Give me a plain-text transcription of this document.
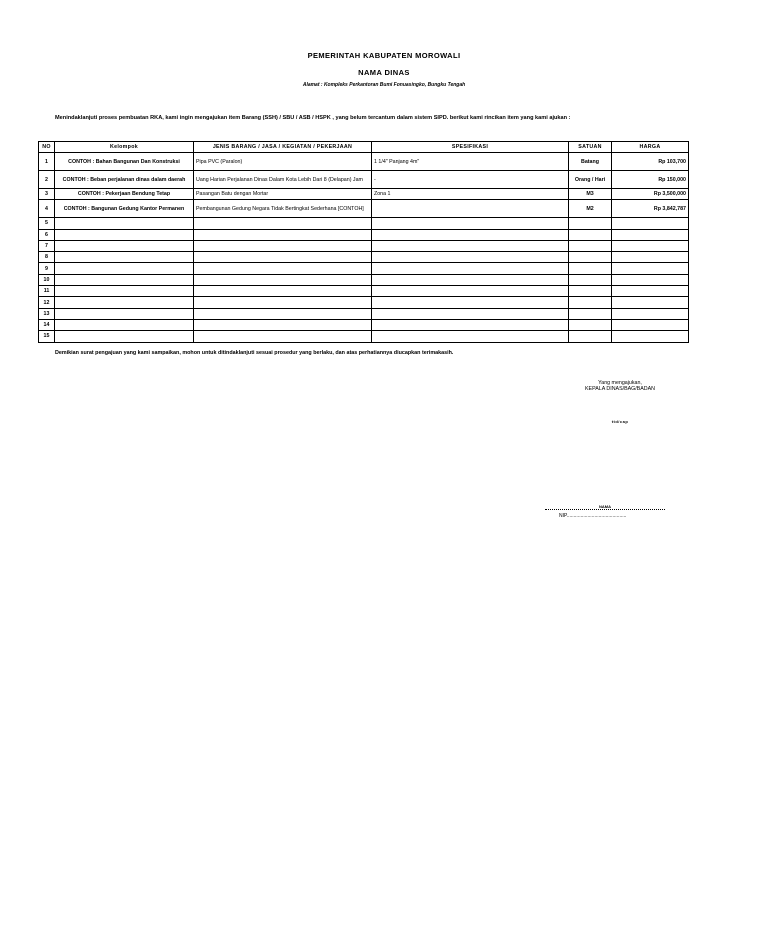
PEMERINTAH KABUPATEN MOROWALI
NAMA DINAS
Alamat : Kompleks Perkantoran Bumi Fonuasingko, Bungku Tengah
Menindaklanjuti proses pembuatan RKA, kami ingin mengajukan item Barang (SSH) / SBU / ASB / HSPK , yang belum tercantum dalam sistem SIPD. berikut kami rincikan item yang kami ajukan :
NO	Kelompok	JENIS BARANG / JASA / KEGIATAN / PEKERJAAN	SPESIFIKASI	SATUAN	HARGA
1	CONTOH : Bahan Bangunan Dan Konstruksi	Pipa PVC (Paralon)	1 1/4" Panjang 4m"	Batang	Rp 103,700
2	CONTOH : Beban perjalanan dinas dalam daerah	Uang Harian Perjalanan Dinas Dalam Kota Lebih Dari 8 (Delapan) Jam	-	Orang / Hari	Rp 150,000
3	CONTOH : Pekerjaan Bendung Tetap	Pasangan Batu dengan Mortar	Zona 1	M3	Rp 3,500,000
4	CONTOH : Bangunan Gedung Kantor Permanen	Pembangunan Gedung Negara Tidak Bertingkat Sederhana [CONTOH]		M2	Rp 3,842,787
5					
6					
7					
8					
9					
10					
11					
12					
13					
14					
15					
Demikian surat pengajuan yang kami sampaikan, mohon untuk ditindaklanjuti sesuai prosedur yang berlaku, dan atas perhatiannya diucapkan terimakasih.
Yang mengajukan,
KEPALA DINAS/BAG/BADAN
ttd/cap
NAMA
NIP...........................................
